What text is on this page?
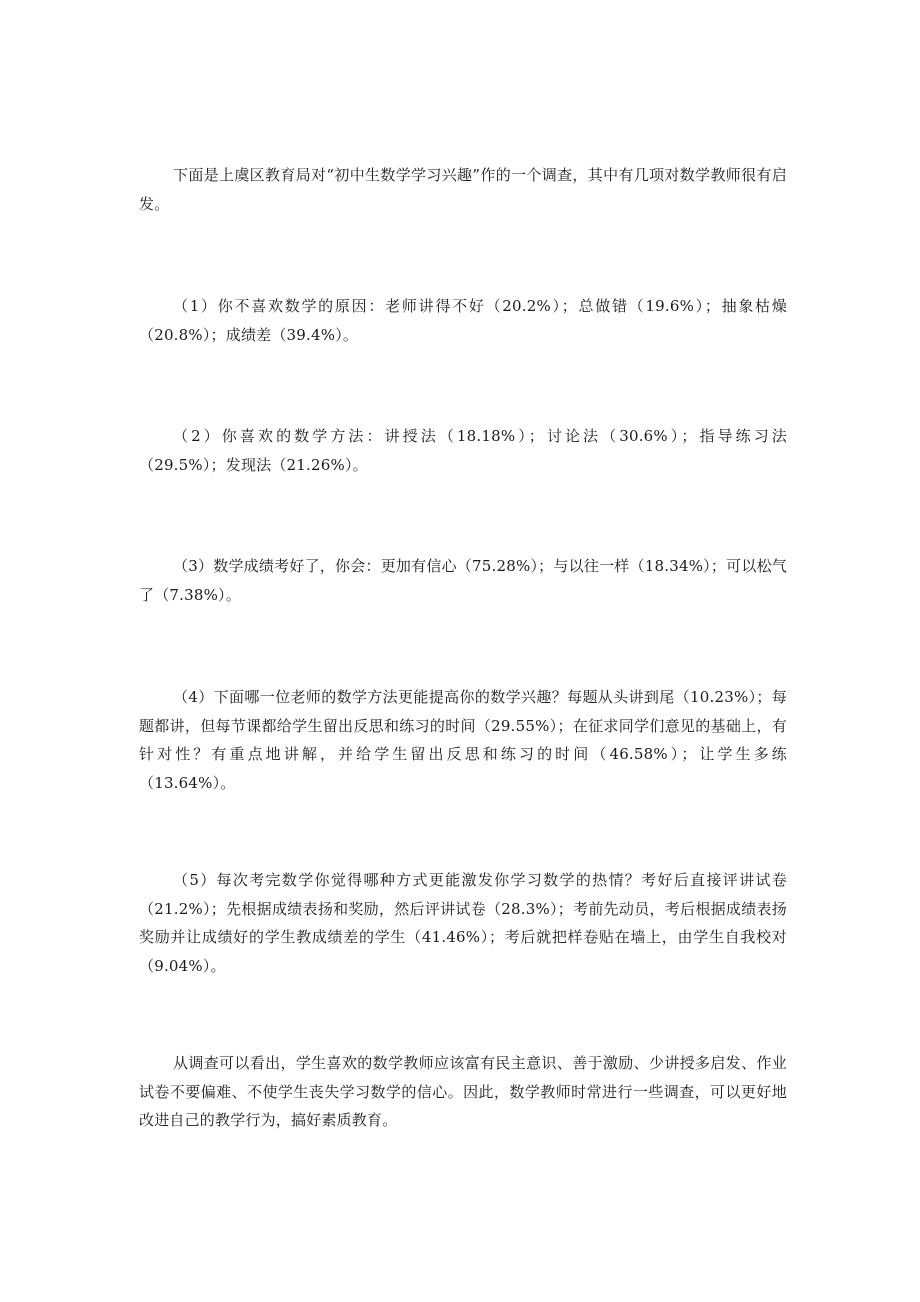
下面是上虞区教育局对“初中生数学学习兴趣”作的一个调查，其中有几项对数学教师很有启发。

（1）你不喜欢数学的原因：老师讲得不好（20.2%）；总做错（19.6%）；抽象枯燥（20.8%）；成绩差（39.4%）。

（2）你喜欢的数学方法：讲授法（18.18%）；讨论法（30.6%）；指导练习法（29.5%）；发现法（21.26%）。

（3）数学成绩考好了，你会：更加有信心（75.28%）；与以往一样（18.34%）；可以松气了（7.38%）。

（4）下面哪一位老师的数学方法更能提高你的数学兴趣？每题从头讲到尾（10.23%）；每题都讲，但每节课都给学生留出反思和练习的时间（29.55%）；在征求同学们意见的基础上，有针对性？有重点地讲解，并给学生留出反思和练习的时间（46.58%）；让学生多练（13.64%）。

（5）每次考完数学你觉得哪种方式更能激发你学习数学的热情？考好后直接评讲试卷（21.2%）；先根据成绩表扬和奖励，然后评讲试卷（28.3%）；考前先动员，考后根据成绩表扬奖励并让成绩好的学生教成绩差的学生（41.46%）；考后就把样卷贴在墙上，由学生自我校对（9.04%）。

从调查可以看出，学生喜欢的数学教师应该富有民主意识、善于激励、少讲授多启发、作业试卷不要偏难、不使学生丧失学习数学的信心。因此，数学教师时常进行一些调查，可以更好地改进自己的教学行为，搞好素质教育。
